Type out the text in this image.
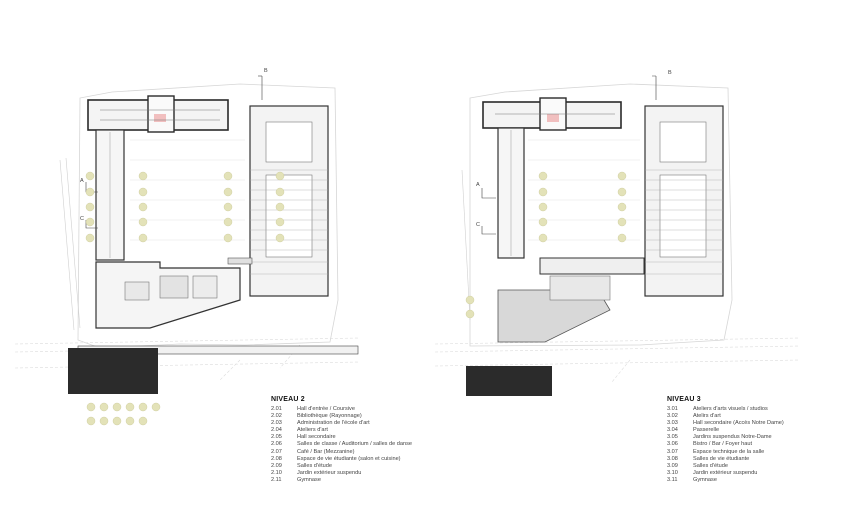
B
A
C
B
A
C
NIVEAU 2
2.01	Hall d'entrée / Coursive
2.02	Bibliothèque (Rayonnage)
2.03	Administration de l'école d'art
2.04	Ateliers d'art
2.05	Hall secondaire
2.06	Salles de classe / Auditorium / salles de danse
2.07	Café / Bar (Mezzanine)
2.08	Espace de vie étudiante (salon et cuisine)
2.09	Salles d'étude
2.10	Jardin extérieur suspendu
2.11	Gymnase
NIVEAU 3
3.01	Ateliers d'arts visuels / studios
3.02	Atelirs d'art
3.03	Hall secondaire (Accès Notre Dame)
3.04	Passerelle
3.05	Jardins suspendus Notre-Dame
3.06	Bistro / Bar / Foyer haut
3.07	Espace technique de la salle
3.08	Salles de vie étudiante
3.09	Salles d'étude
3.10	Jardin extérieur suspendu
3.11	Gymnase
